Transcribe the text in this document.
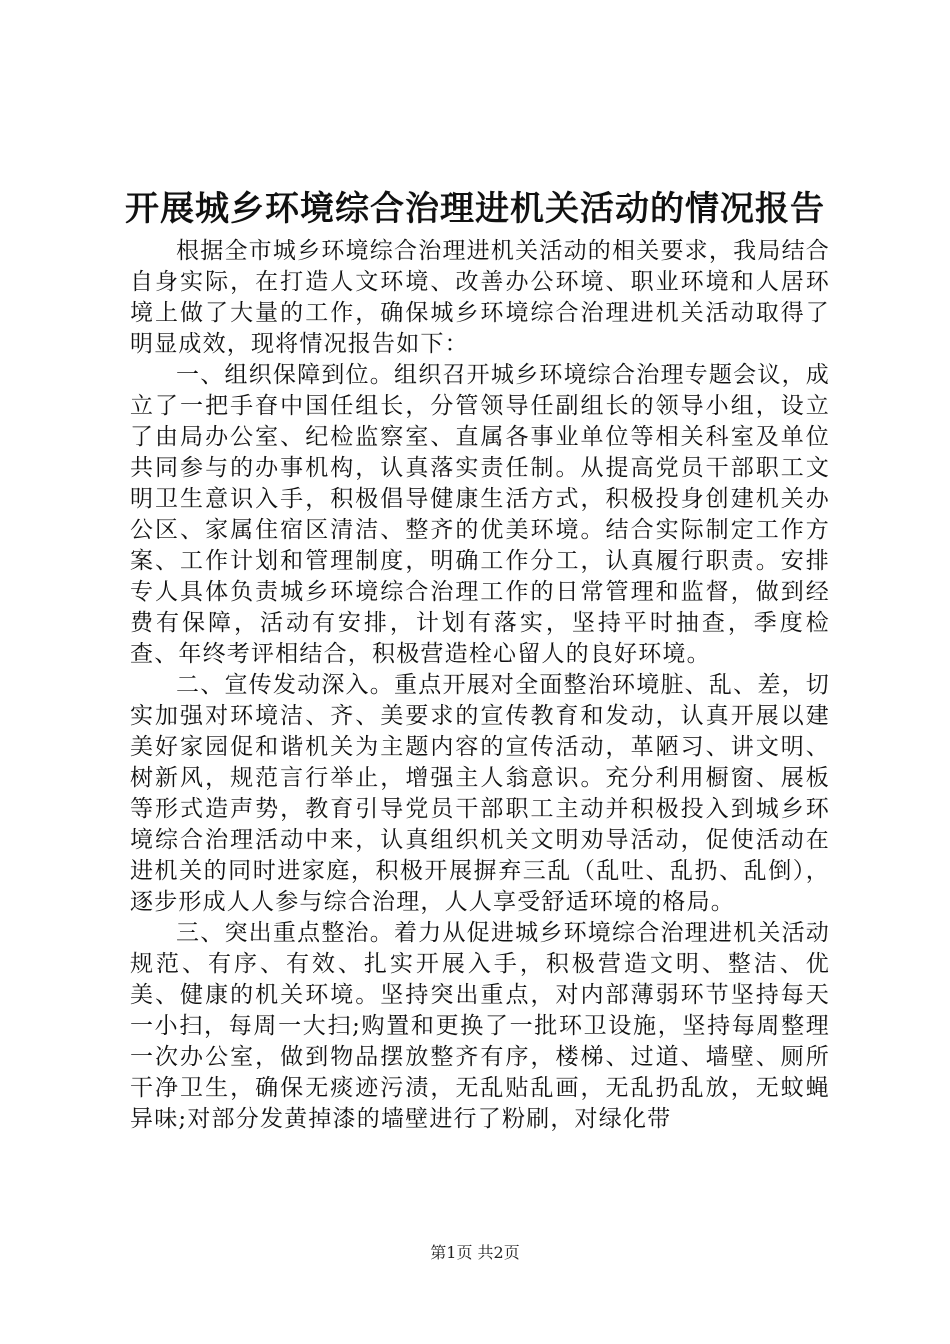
开展城乡环境综合治理进机关活动的情况报告

根据全市城乡环境综合治理进机关活动的相关要求，我局结合自身实际，在打造人文环境、改善办公环境、职业环境和人居环境上做了大量的工作，确保城乡环境综合治理进机关活动取得了明显成效，现将情况报告如下：

一、组织保障到位。组织召开城乡环境综合治理专题会议，成立了一把手眘中国任组长，分管领导任副组长的领导小组，设立了由局办公室、纪检监察室、直属各事业单位等相关科室及单位共同参与的办事机构，认真落实责任制。从提高党员干部职工文明卫生意识入手，积极倡导健康生活方式，积极投身创建机关办公区、家属住宿区清洁、整齐的优美环境。结合实际制定工作方案、工作计划和管理制度，明确工作分工，认真履行职责。安排专人具体负责城乡环境综合治理工作的日常管理和监督，做到经费有保障，活动有安排，计划有落实，坚持平时抽查，季度检查、年终考评相结合，积极营造栓心留人的良好环境。

二、宣传发动深入。重点开展对全面整治环境脏、乱、差，切实加强对环境洁、齐、美要求的宣传教育和发动，认真开展以建美好家园促和谐机关为主题内容的宣传活动，革陋习、讲文明、树新风，规范言行举止，增强主人翁意识。充分利用橱窗、展板等形式造声势，教育引导党员干部职工主动并积极投入到城乡环境综合治理活动中来，认真组织机关文明劝导活动，促使活动在进机关的同时进家庭，积极开展摒弃三乱（乱吐、乱扔、乱倒），逐步形成人人参与综合治理，人人享受舒适环境的格局。

三、突出重点整治。着力从促进城乡环境综合治理进机关活动规范、有序、有效、扎实开展入手，积极营造文明、整洁、优美、健康的机关环境。坚持突出重点，对内部薄弱环节坚持每天一小扫，每周一大扫;购置和更换了一批环卫设施，坚持每周整理一次办公室，做到物品摆放整齐有序，楼梯、过道、墙壁、厕所干净卫生，确保无痰迹污渍，无乱贴乱画，无乱扔乱放，无蚊蝇异味;对部分发黄掉漆的墙壁进行了粉刷，对绿化带

第1页 共2页
